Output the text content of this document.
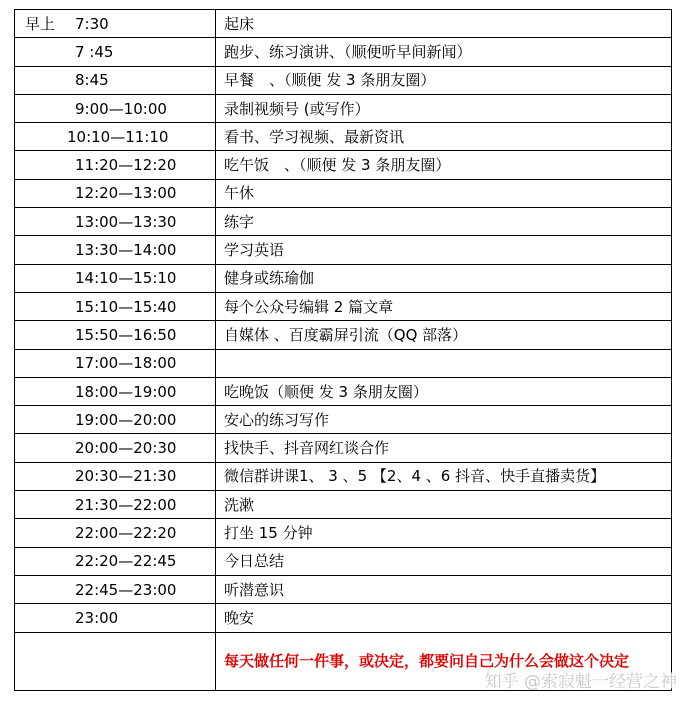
早上 7:30	起床
7 :45	跑步、练习演讲、（顺便听早间新闻）
8:45	早餐　、（顺便 发 3 条朋友圈）
9:00—10:00	录制视频号 (或写作）
10:10—11:10	看书、学习视频、最新资讯
11:20—12:20	吃午饭　、（顺便 发 3 条朋友圈）
12:20—13:00	午休
13:00—13:30	练字
13:30—14:00	学习英语
14:10—15:10	健身或练瑜伽
15:10—15:40	每个公众号编辑 2 篇文章
15:50—16:50	自媒体 、百度霸屏引流（QQ 部落）
17:00—18:00	
18:00—19:00	吃晚饭（顺便 发 3 条朋友圈）
19:00—20:00	安心的练习写作
20:00—20:30	找快手、抖音网红谈合作
20:30—21:30	微信群讲课1、 3 、5 【2、4 、6 抖音、快手直播卖货】
21:30—22:00	洗漱
22:00—22:20	打坐 15 分钟
22:20—22:45	今日总结
22:45—23:00	听潜意识
23:00	晚安
	每天做任何一件事，或决定，都要问自己为什么会做这个决定
知乎 @索寂魁一经营之神
